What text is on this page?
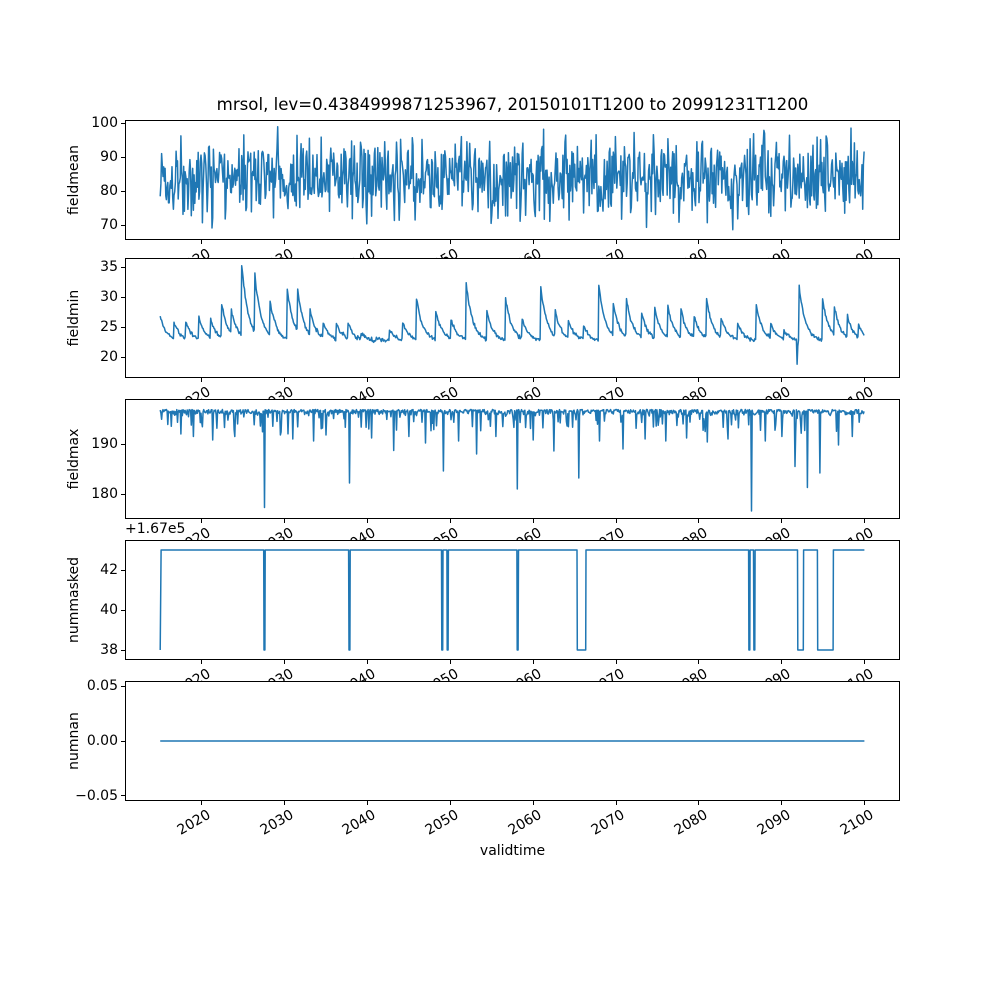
mrsol, lev=0.4384999871253967, 20150101T1200 to 20991231T1200
100
90
80
70
fieldmean
35
30
25
20
fieldmin
190
180
fieldmax
42
40
38
nummasked
+1.67e5
0.05
0.00
−0.05
numnan
2020	2030	2040	2050	2060	2070	2080	2090	2100
validtime
